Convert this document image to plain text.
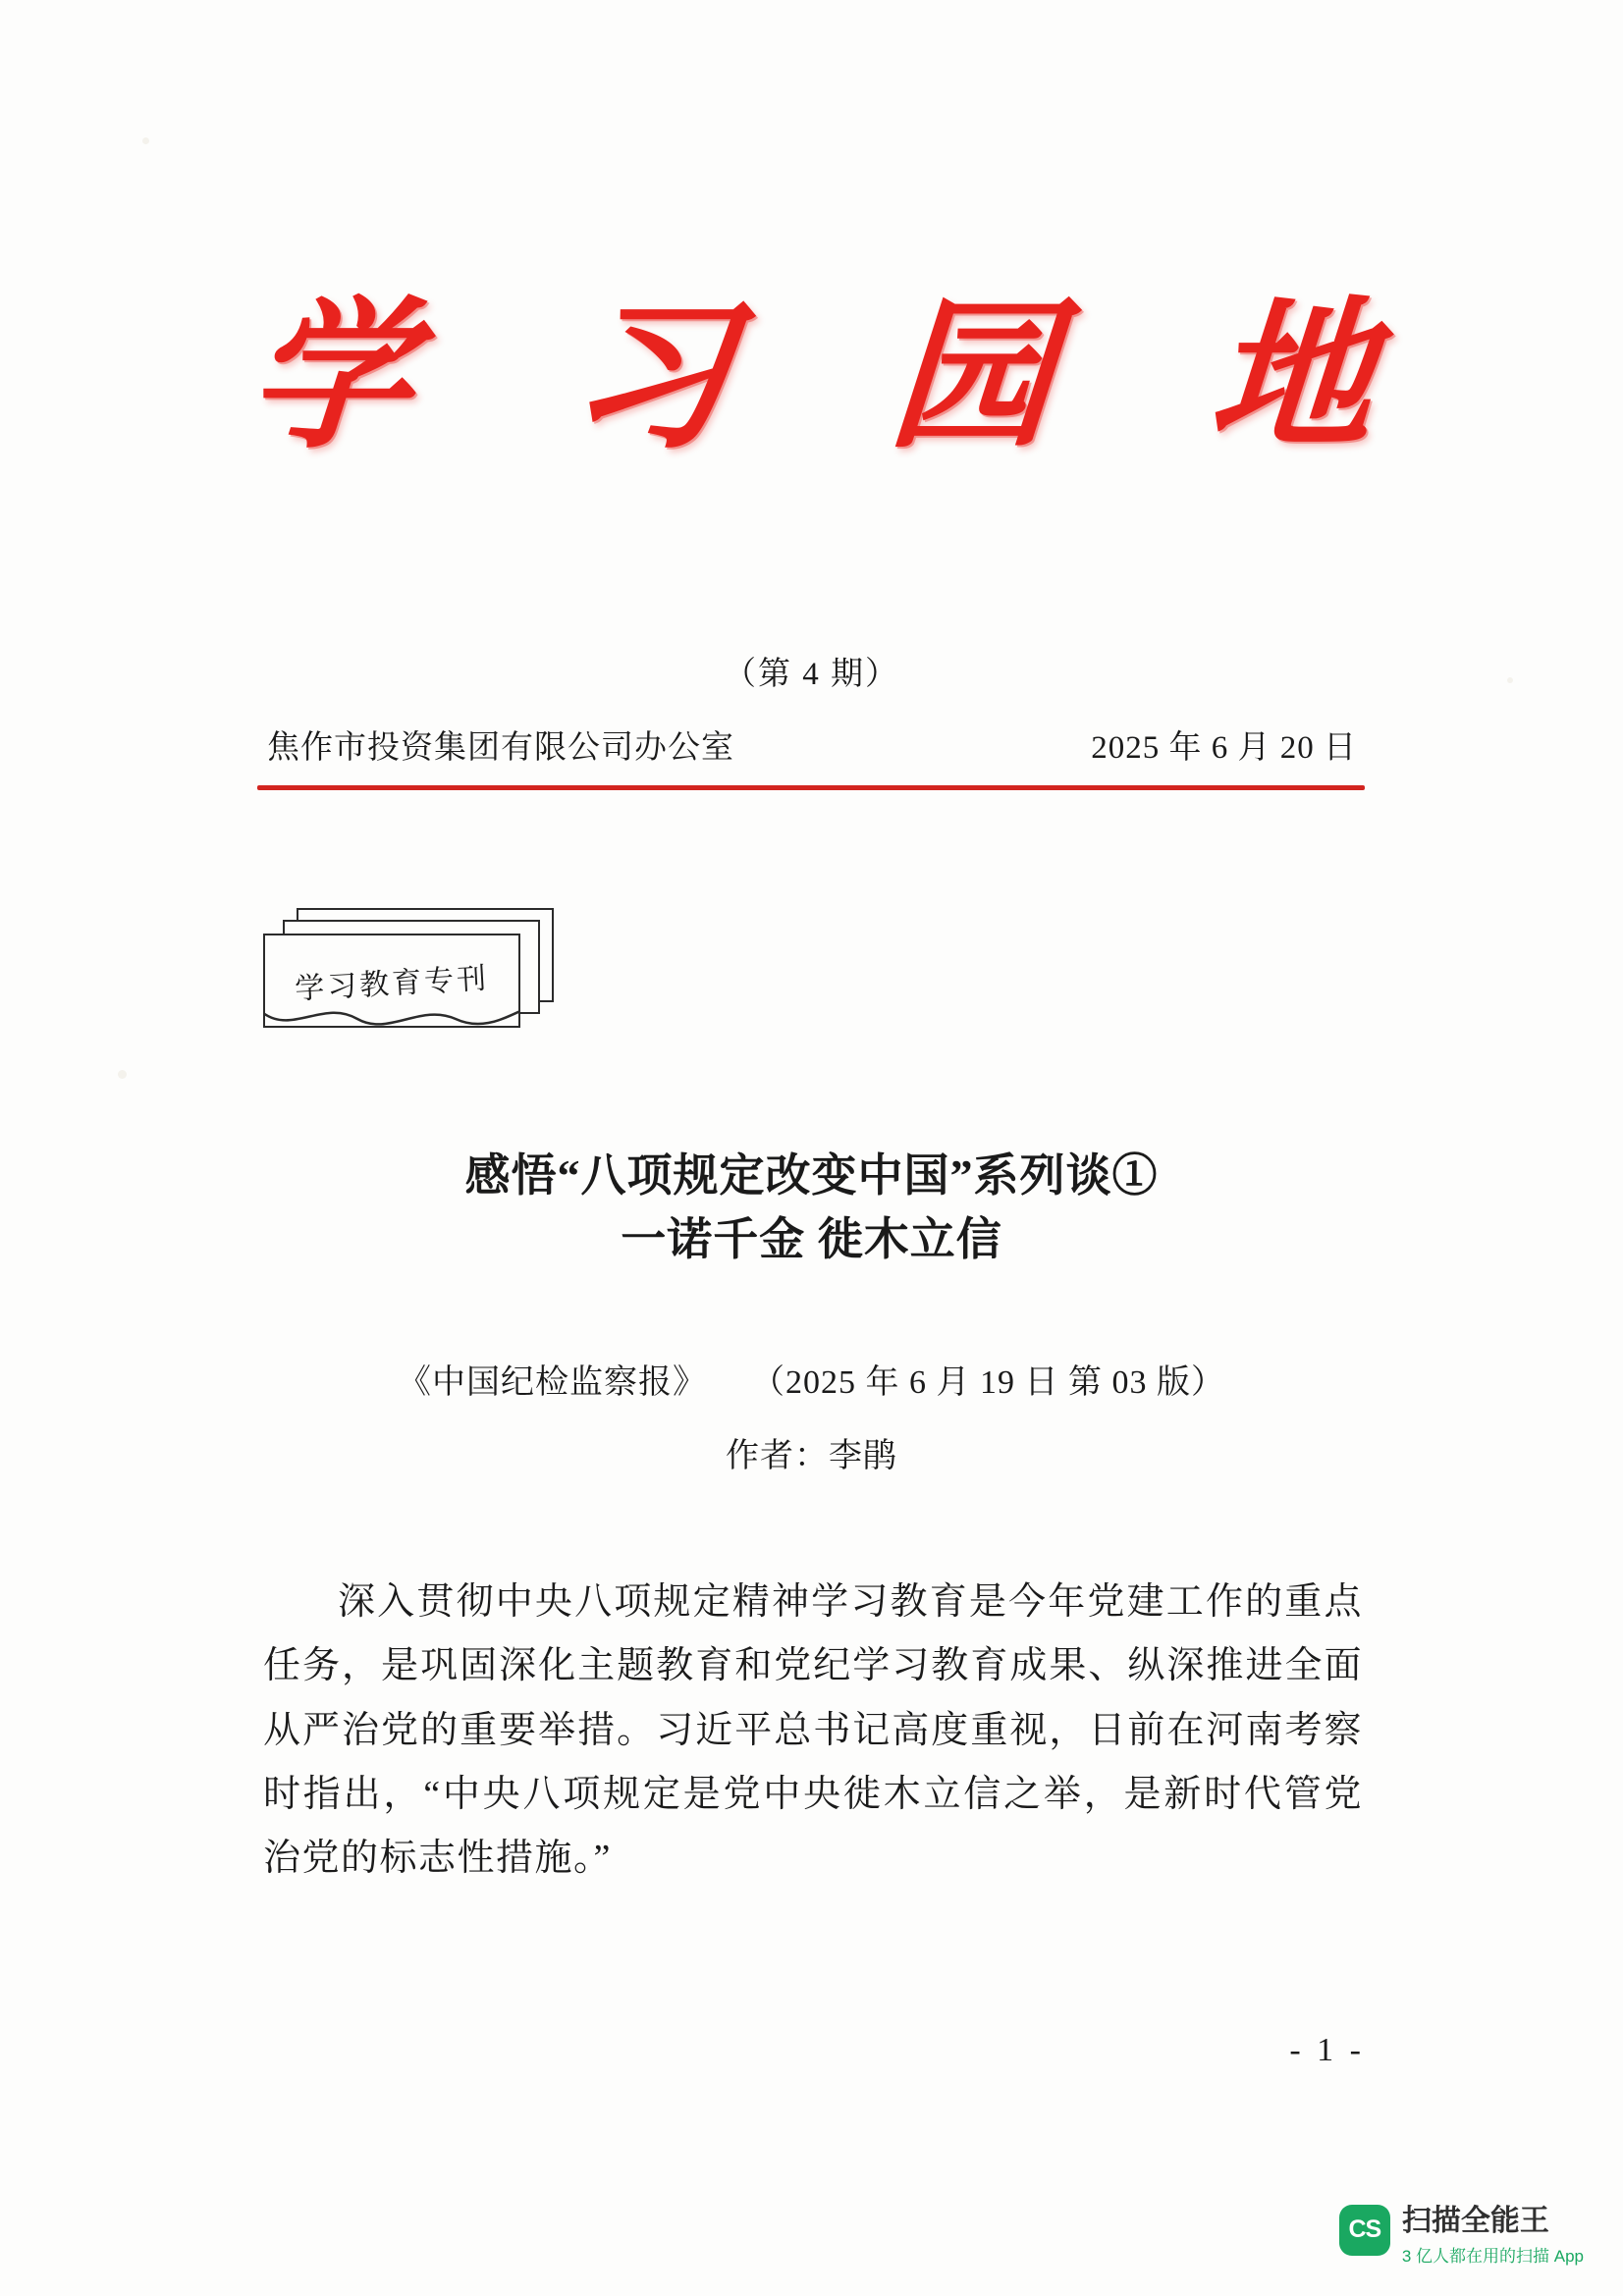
学 习 园 地
（第 4 期）
焦作市投资集团有限公司办公室	2025 年 6 月 20 日
学习教育专刊
感悟“八项规定改变中国”系列谈①
一诺千金 徙木立信
《中国纪检监察报》 （2025 年 6 月 19 日 第 03 版）
作者：李鹃
深入贯彻中央八项规定精神学习教育是今年党建工作的重点任务，是巩固深化主题教育和党纪学习教育成果、纵深推进全面从严治党的重要举措。习近平总书记高度重视，日前在河南考察时指出，“中央八项规定是党中央徙木立信之举，是新时代管党治党的标志性措施。”
- 1 -
CS 扫描全能王
3 亿人都在用的扫描 App
